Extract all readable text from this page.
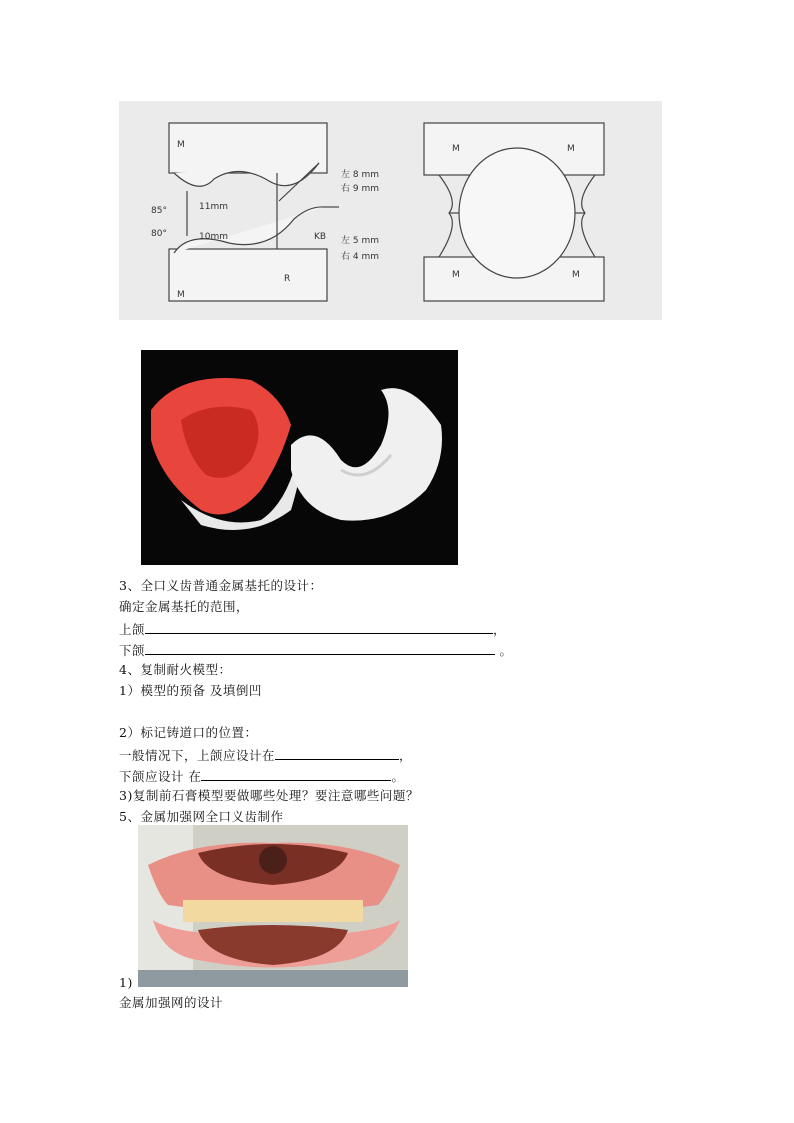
M
M
11mm
10mm
85°
80°
左 8 mm
右 9 mm
左 5 mm
右 4 mm
KB
R
M	M
M	M
3、全口义齿普通金属基托的设计：
确定金属基托的范围，
上颌	，
下颌	。
4、复制耐火模型：
1）模型的预备 及填倒凹
2）标记铸道口的位置：
一般情况下，上颌应设计在	，
下颌应设计 在	。
3)复制前石膏模型要做哪些处理？要注意哪些问题？
5、金属加强网全口义齿制作
1)
金属加强网的设计
